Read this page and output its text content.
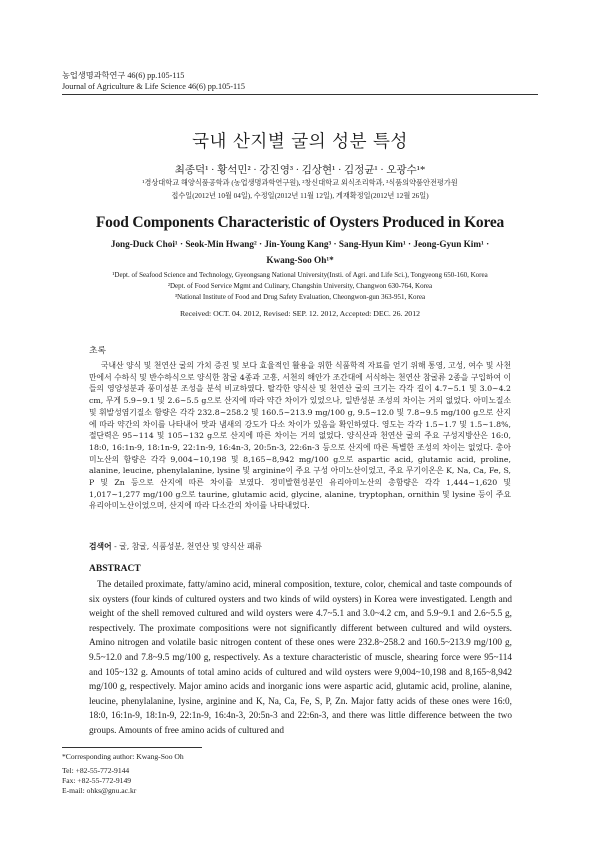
농업생명과학연구 46(6) pp.105-115
Journal of Agriculture & Life Science 46(6) pp.105-115
국내 산지별 굴의 성분 특성
최종덕¹ · 황석민² · 강진영³ · 김상현¹ · 김정균¹ · 오광수¹*
¹경상대학교 해양식품공학과 (농업생명과학연구원), ²창신대학교 외식조리학과, ³식품의약품안전평가원
접수일(2012년 10월 04일), 수정일(2012년 11월 12일), 게재확정일(2012년 12월 26일)
Food Components Characteristic of Oysters Produced in Korea
Jong-Duck Choi¹ · Seok-Min Hwang² · Jin-Young Kang³ · Sang-Hyun Kim¹ · Jeong-Gyun Kim¹ ·
Kwang-Soo Oh¹*
¹Dept. of Seafood Science and Technology, Gyeongsang National University(Insti. of Agri. and Life Sci.), Tongyeong 650-160, Korea
²Dept. of Food Service Mgmt and Culinary, Changshin University, Changwon 630-764, Korea
³National Institute of Food and Drug Safety Evaluation, Cheongwon-gun 363-951, Korea
Received: OCT. 04. 2012, Revised: SEP. 12. 2012, Accepted: DEC. 26. 2012
초록
국내산 양식 및 천연산 굴의 가치 증진 및 보다 효율적인 활용을 위한 식품학적 자료를 얻기 위해 통영, 고성, 여수 및 사천만에서 수하식 및 반수하식으로 양식한 참굴 4종과 고흥, 서천의 해안가 조간대에 서식하는 천연산 참굴류 2종을 구입하여 이들의 영양성분과 풍미성분 조성을 분석 비교하였다. 탈각한 양식산 및 천연산 굴의 크기는 각각 길이 4.7~5.1 및 3.0~4.2 cm, 무게 5.9~9.1 및 2.6~5.5 g으로 산지에 따라 약간 차이가 있었으나, 일반성분 조성의 차이는 거의 없었다. 아미노질소 및 휘발성염기질소 함량은 각각 232.8~258.2 및 160.5~213.9 mg/100 g, 9.5~12.0 및 7.8~9.5 mg/100 g으로 산지에 따라 약간의 차이를 나타내어 맛과 냄새의 강도가 다소 차이가 있음을 확인하였다. 영도는 각각 1.5~1.7 및 1.5~1.8%, 절단력은 95~114 및 105~132 g으로 산지에 따른 차이는 거의 없었다. 양식산과 천연산 굴의 주요 구성지방산은 16:0, 18:0, 16:1n-9, 18:1n-9, 22:1n-9, 16:4n-3, 20:5n-3, 22:6n-3 등으로 산지에 따른 특별한 조성의 차이는 없었다. 총아미노산의 함량은 각각 9,004~10,198 및 8,165~8,942 mg/100 g으로 aspartic acid, glutamic acid, proline, alanine, leucine, phenylalanine, lysine 및 arginine이 주요 구성 아미노산이었고, 주요 무기이온은 K, Na, Ca, Fe, S, P 및 Zn 등으로 산지에 따른 차이를 보였다. 정미발현성분인 유리아미노산의 총함량은 각각 1,444~1,620 및 1,017~1,277 mg/100 g으로 taurine, glutamic acid, glycine, alanine, tryptophan, ornithin 및 lysine 등이 주요 유리아미노산이었으며, 산지에 따라 다소간의 차이를 나타내었다.
검색어 - 굴, 참굴, 식품성분, 천연산 및 양식산 패류
ABSTRACT
The detailed proximate, fatty/amino acid, mineral composition, texture, color, chemical and taste compounds of six oysters (four kinds of cultured oysters and two kinds of wild oysters) in Korea were investigated. Length and weight of the shell removed cultured and wild oysters were 4.7~5.1 and 3.0~4.2 cm, and 5.9~9.1 and 2.6~5.5 g, respectively. The proximate compositions were not significantly different between cultured and wild oysters. Amino nitrogen and volatile basic nitrogen content of these ones were 232.8~258.2 and 160.5~213.9 mg/100 g, 9.5~12.0 and 7.8~9.5 mg/100 g, respectively. As a texture characteristic of muscle, shearing force were 95~114 and 105~132 g. Amounts of total amino acids of cultured and wild oysters were 9,004~10,198 and 8,165~8,942 mg/100 g, respectively. Major amino acids and inorganic ions were aspartic acid, glutamic acid, proline, alanine, leucine, phenylalanine, lysine, arginine and K, Na, Ca, Fe, S, P, Zn. Major fatty acids of these ones were 16:0, 18:0, 16:1n-9, 18:1n-9, 22:1n-9, 16:4n-3, 20:5n-3 and 22:6n-3, and there was little difference between the two groups. Amounts of free amino acids of cultured and
*Corresponding author: Kwang-Soo Oh
Tel: +82-55-772-9144
Fax: +82-55-772-9149
E-mail: ohks@gnu.ac.kr
